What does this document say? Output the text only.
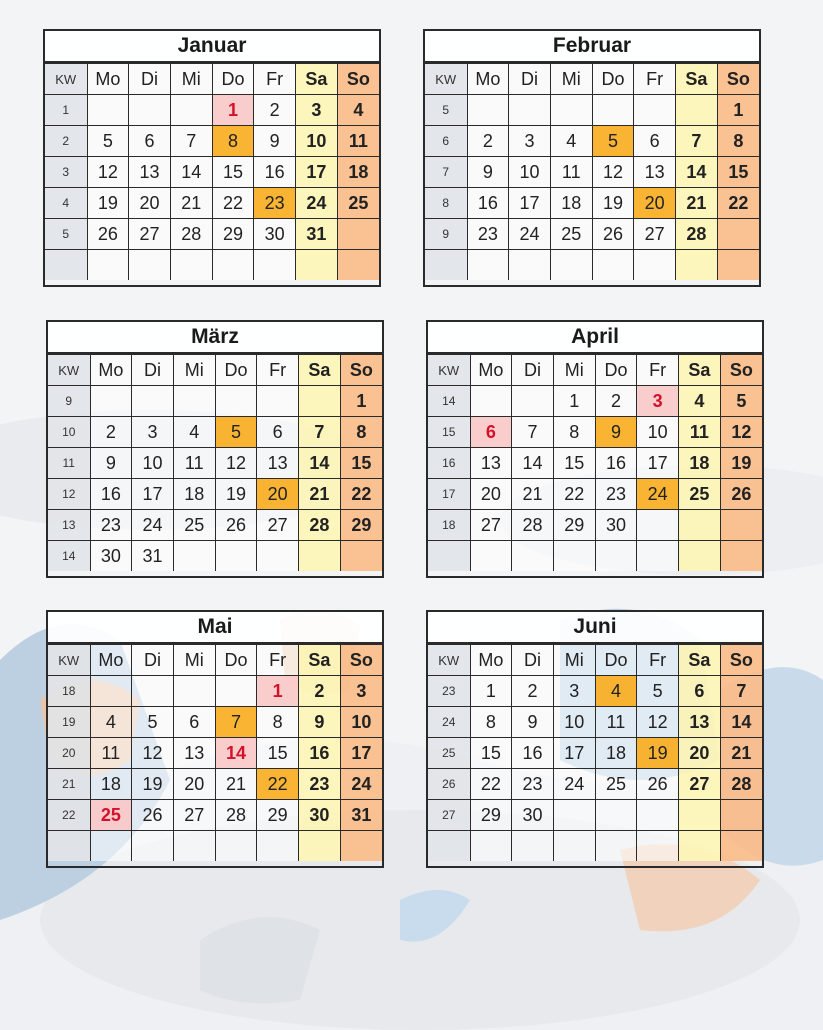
Januar
KW	Mo	Di	Mi	Do	Fr	Sa	So
1				1	2	3	4
2	5	6	7	8	9	10	11
3	12	13	14	15	16	17	18
4	19	20	21	22	23	24	25
5	26	27	28	29	30	31	

Februar
KW	Mo	Di	Mi	Do	Fr	Sa	So
5							1
6	2	3	4	5	6	7	8
7	9	10	11	12	13	14	15
8	16	17	18	19	20	21	22
9	23	24	25	26	27	28	

März
KW	Mo	Di	Mi	Do	Fr	Sa	So
9							1
10	2	3	4	5	6	7	8
11	9	10	11	12	13	14	15
12	16	17	18	19	20	21	22
13	23	24	25	26	27	28	29
14	30	31					
April
KW	Mo	Di	Mi	Do	Fr	Sa	So
14			1	2	3	4	5
15	6	7	8	9	10	11	12
16	13	14	15	16	17	18	19
17	20	21	22	23	24	25	26
18	27	28	29	30			

Mai
KW	Mo	Di	Mi	Do	Fr	Sa	So
18					1	2	3
19	4	5	6	7	8	9	10
20	11	12	13	14	15	16	17
21	18	19	20	21	22	23	24
22	25	26	27	28	29	30	31

Juni
KW	Mo	Di	Mi	Do	Fr	Sa	So
23	1	2	3	4	5	6	7
24	8	9	10	11	12	13	14
25	15	16	17	18	19	20	21
26	22	23	24	25	26	27	28
27	29	30					
